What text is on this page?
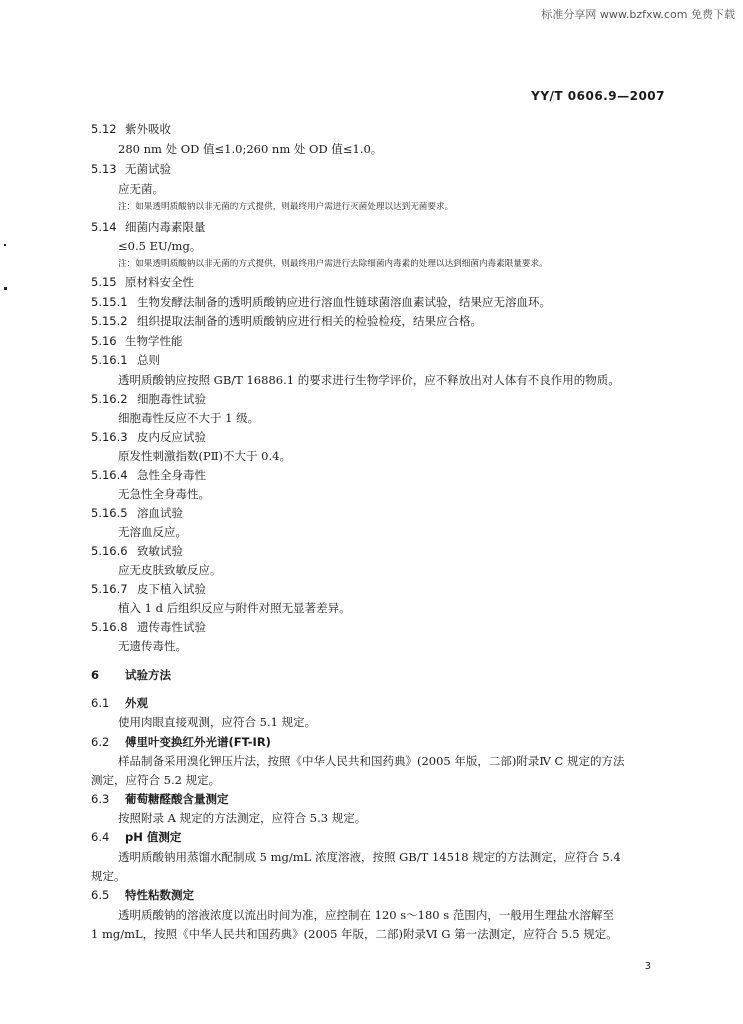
标准分享网 www.bzfxw.com 免费下载
YY/T 0606.9—2007
5.12 紫外吸收
280 nm 处 OD 值≤1.0;260 nm 处 OD 值≤1.0。
5.13 无菌试验
应无菌。
注：如果透明质酸钠以非无菌的方式提供，则最终用户需进行灭菌处理以达到无菌要求。
5.14 细菌内毒素限量
≤0.5 EU/mg。
注：如果透明质酸钠以非无菌的方式提供，则最终用户需进行去除细菌内毒素的处理以达到细菌内毒素限量要求。
5.15 原材料安全性
5.15.1 生物发酵法制备的透明质酸钠应进行溶血性链球菌溶血素试验，结果应无溶血环。
5.15.2 组织提取法制备的透明质酸钠应进行相关的检验检疫，结果应合格。
5.16 生物学性能
5.16.1 总则
透明质酸钠应按照 GB/T 16886.1 的要求进行生物学评价，应不释放出对人体有不良作用的物质。
5.16.2 细胞毒性试验
细胞毒性反应不大于 1 级。
5.16.3 皮内反应试验
原发性刺激指数(PⅡ)不大于 0.4。
5.16.4 急性全身毒性
无急性全身毒性。
5.16.5 溶血试验
无溶血反应。
5.16.6 致敏试验
应无皮肤致敏反应。
5.16.7 皮下植入试验
植入 1 d 后组织反应与附件对照无显著差异。
5.16.8 遗传毒性试验
无遗传毒性。
6 试验方法
6.1 外观
使用肉眼直接观测，应符合 5.1 规定。
6.2 傅里叶变换红外光谱(FT-IR)
样品制备采用溴化钾压片法，按照《中华人民共和国药典》(2005 年版，二部)附录Ⅳ C 规定的方法
测定，应符合 5.2 规定。
6.3 葡萄糖醛酸含量测定
按照附录 A 规定的方法测定，应符合 5.3 规定。
6.4 pH 值测定
透明质酸钠用蒸馏水配制成 5 mg/mL 浓度溶液，按照 GB/T 14518 规定的方法测定，应符合 5.4
规定。
6.5 特性粘数测定
透明质酸钠的溶液浓度以流出时间为准，应控制在 120 s～180 s 范围内，一般用生理盐水溶解至
1 mg/mL，按照《中华人民共和国药典》(2005 年版，二部)附录Ⅵ G 第一法测定，应符合 5.5 规定。
3
